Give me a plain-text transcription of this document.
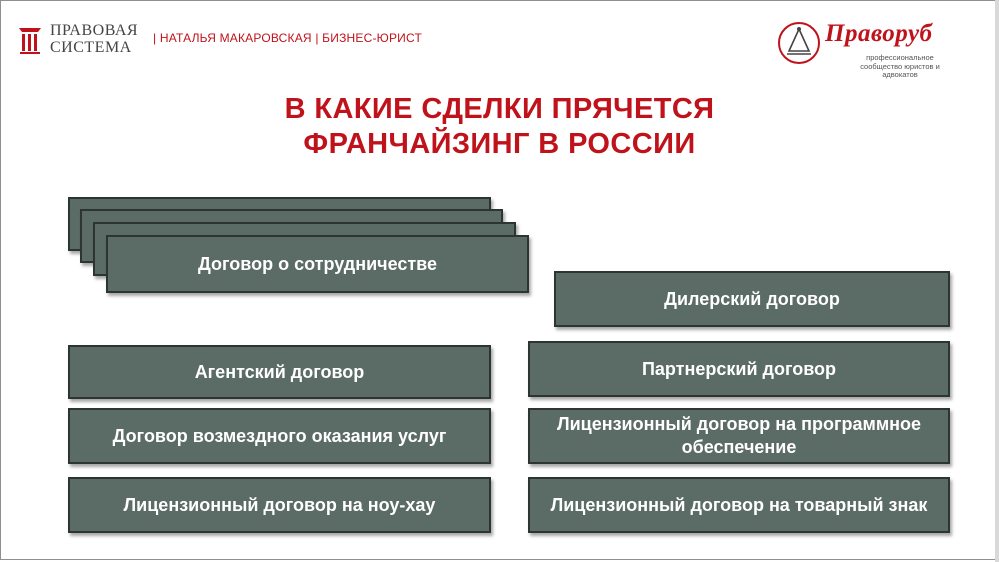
ПРАВОВАЯ
СИСТЕМА
| НАТАЛЬЯ МАКАРОВСКАЯ | БИЗНЕС-ЮРИСТ	Праворуб
профессиональное сообщество юристов и адвокатов
В КАКИЕ СДЕЛКИ ПРЯЧЕТСЯ
ФРАНЧАЙЗИНГ В РОССИИ
Договор о сотрудничестве
Дилерский договор
Партнерский договор
Лицензионный договор на программное обеспечение
Лицензионный договор на товарный знак
Агентский договор
Договор возмездного оказания услуг
Лицензионный договор на ноу-хау
